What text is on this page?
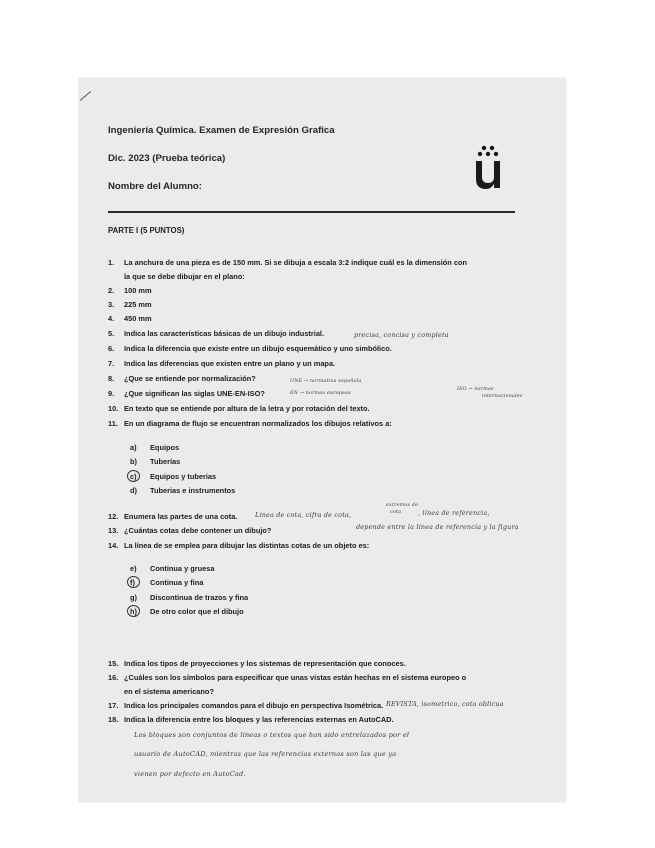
Ingeniería Química. Examen de Expresión Grafica
Dic. 2023 (Prueba teórica)
Nombre del Alumno:
PARTE I (5 PUNTOS)
1. La anchura de una pieza es de 150 mm. Si se dibuja a escala 3:2 indique cuál es la dimensión con
la que se debe dibujar en el plano:
2. 100 mm
3. 225 mm
4. 450 mm
5. Indica las características básicas de un dibujo industrial.	precisa, concisa y completa
6. Indica la diferencia que existe entre un dibujo esquemático y uno simbólico.
7. Indica las diferencias que existen entre un plano y un mapa.
8. ¿Que se entiende por normalización?
9. ¿Que significan las siglas UNE-EN-ISO?
UNE → normativa española
EN → normas europeas
ISO → normas
internacionales
10. En texto que se entiende por altura de la letra y por rotación del texto.
11. En un diagrama de flujo se encuentran normalizados los dibujos relativos a:
a) Equipos
b) Tuberías
c) Equipos y tuberias
d) Tuberias e instrumentos
12. Enumera las partes de una cota.	Línea de cota, cifra de cota,
extremos de
cota	, línea de referencia,
13. ¿Cuántas cotas debe contener un dibujo?	depende entre la línea de referencia y la figura
14. La línea de se emplea para dibujar las distintas cotas de un objeto es:
e) Continua y gruesa
f) Continua y fina
g) Discontinua de trazos y fina
h) De otro color que el dibujo
15. Indica los tipos de proyecciones y los sistemas de representación que conoces.
16. ¿Cuáles son los símbolos para especificar que unas vistas están hechas en el sistema europeo o
en el sistema americano?
17. Indica los principales comandos para el dibujo en perspectiva Isométrica. REVISTA, isometrico, cota oblicua
18. Indica la diferencia entre los bloques y las referencias externas en AutoCAD.
Los bloques son conjuntos de líneas o textos que han sido entrelazados por el
usuario de AutoCAD, mientras que las referencias externas son las que ya
vienen por defecto en AutoCad.
